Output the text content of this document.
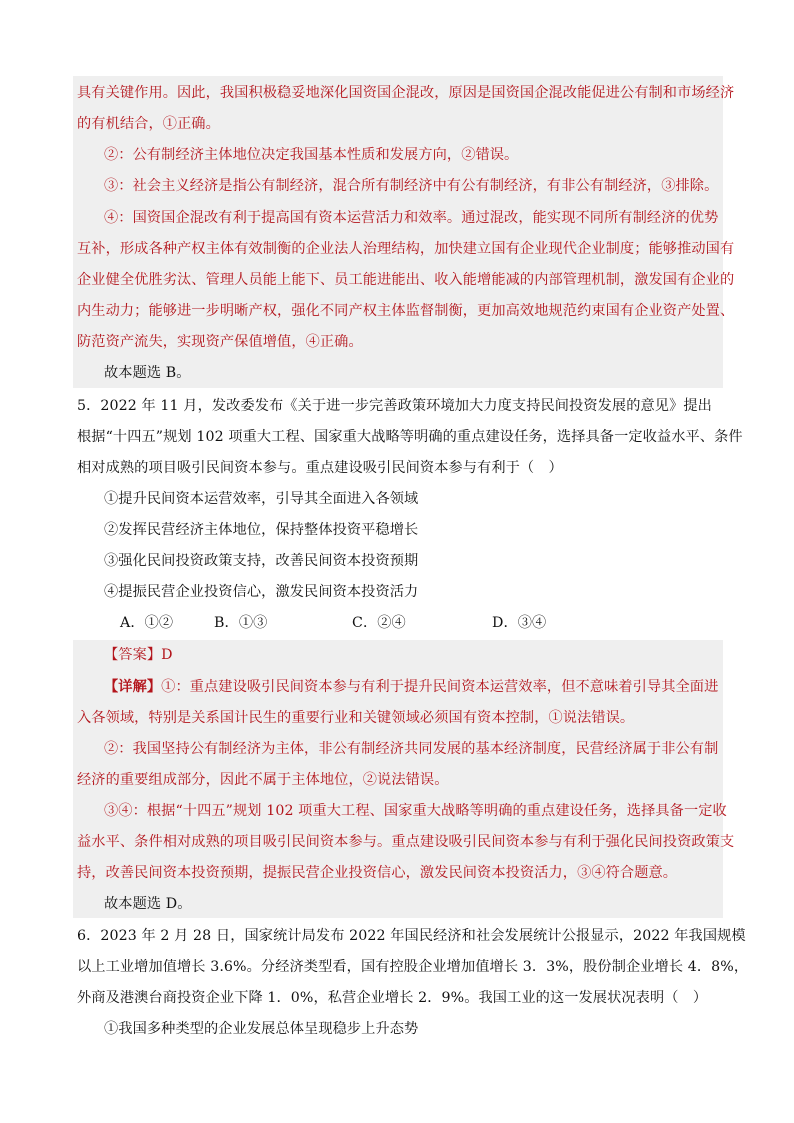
具有关键作用。因此，我国积极稳妥地深化国资国企混改，原因是国资国企混改能促进公有制和市场经济
的有机结合，①正确。
②：公有制经济主体地位决定我国基本性质和发展方向，②错误。
③：社会主义经济是指公有制经济，混合所有制经济中有公有制经济，有非公有制经济，③排除。
④：国资国企混改有利于提高国有资本运营活力和效率。通过混改，能实现不同所有制经济的优势
互补，形成各种产权主体有效制衡的企业法人治理结构，加快建立国有企业现代企业制度；能够推动国有
企业健全优胜劣汰、管理人员能上能下、员工能进能出、收入能增能减的内部管理机制，激发国有企业的
内生动力；能够进一步明晰产权，强化不同产权主体监督制衡，更加高效地规范约束国有企业资产处置、
防范资产流失，实现资产保值增值，④正确。
故本题选 B。
5．2022 年 11 月，发改委发布《关于进一步完善政策环境加大力度支持民间投资发展的意见》提出
根据“十四五”规划 102 项重大工程、国家重大战略等明确的重点建设任务，选择具备一定收益水平、条件
相对成熟的项目吸引民间资本参与。重点建设吸引民间资本参与有利于（　）
①提升民间资本运营效率，引导其全面进入各领域
②发挥民营经济主体地位，保持整体投资平稳增长
③强化民间投资政策支持，改善民间资本投资预期
④提振民营企业投资信心，激发民间资本投资活力
A．①②	B．①③	C．②④	D．③④
【答案】D
【详解】①：重点建设吸引民间资本参与有利于提升民间资本运营效率，但不意味着引导其全面进
入各领域，特别是关系国计民生的重要行业和关键领域必须国有资本控制，①说法错误。
②：我国坚持公有制经济为主体，非公有制经济共同发展的基本经济制度，民营经济属于非公有制
经济的重要组成部分，因此不属于主体地位，②说法错误。
③④：根据“十四五”规划 102 项重大工程、国家重大战略等明确的重点建设任务，选择具备一定收
益水平、条件相对成熟的项目吸引民间资本参与。重点建设吸引民间资本参与有利于强化民间投资政策支
持，改善民间资本投资预期，提振民营企业投资信心，激发民间资本投资活力，③④符合题意。
故本题选 D。
6．2023 年 2 月 28 日，国家统计局发布 2022 年国民经济和社会发展统计公报显示，2022 年我国规模
以上工业增加值增长 3.6%。分经济类型看，国有控股企业增加值增长 3．3%，股份制企业增长 4．8%，
外商及港澳台商投资企业下降 1．0%，私营企业增长 2．9%。我国工业的这一发展状况表明（　）
①我国多种类型的企业发展总体呈现稳步上升态势
